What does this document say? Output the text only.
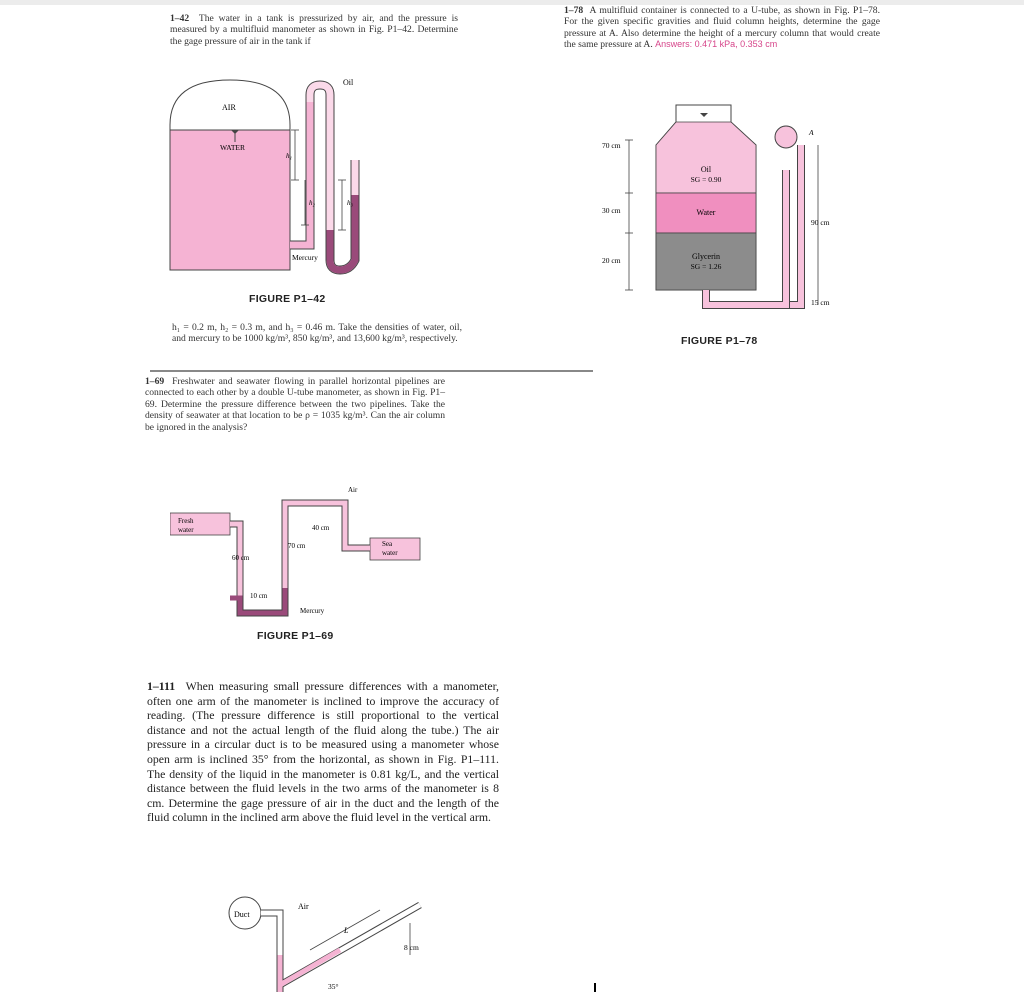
1–42 The water in a tank is pressurized by air, and the pressure is measured by a multifluid manometer as shown in Fig. P1–42. Determine the gage pressure of air in the tank if
Oil
AIR
WATER
Mercury
h₁
h₂	h₃
FIGURE P1–42
h₁ = 0.2 m, h₂ = 0.3 m, and h₃ = 0.46 m. Take the densities of water, oil, and mercury to be 1000 kg/m³, 850 kg/m³, and 13,600 kg/m³, respectively.
1–78 A multifluid container is connected to a U-tube, as shown in Fig. P1–78. For the given specific gravities and fluid column heights, determine the gage pressure at A. Also determine the height of a mercury column that would create the same pressure at A. Answers: 0.471 kPa, 0.353 cm
70 cm
30 cm
20 cm
90 cm
15 cm
A
Oil
SG = 0.90
Water
Glycerin
SG = 1.26
FIGURE P1–78
1–69 Freshwater and seawater flowing in parallel horizontal pipelines are connected to each other by a double U-tube manometer, as shown in Fig. P1–69. Determine the pressure difference between the two pipelines. Take the density of seawater at that location to be ρ = 1035 kg/m³. Can the air column be ignored in the analysis?
Air
Fresh
water
Sea
water
40 cm
70 cm
60 cm
10 cm
Mercury
FIGURE P1–69
1–111 When measuring small pressure differences with a manometer, often one arm of the manometer is inclined to improve the accuracy of reading. (The pressure difference is still proportional to the vertical distance and not the actual length of the fluid along the tube.) The air pressure in a circular duct is to be measured using a manometer whose open arm is inclined 35° from the horizontal, as shown in Fig. P1–111. The density of the liquid in the manometer is 0.81 kg/L, and the vertical distance between the fluid levels in the two arms of the manometer is 8 cm. Determine the gage pressure of air in the duct and the length of the fluid column in the inclined arm above the fluid level in the vertical arm.
Duct
Air
L
8 cm
35°
